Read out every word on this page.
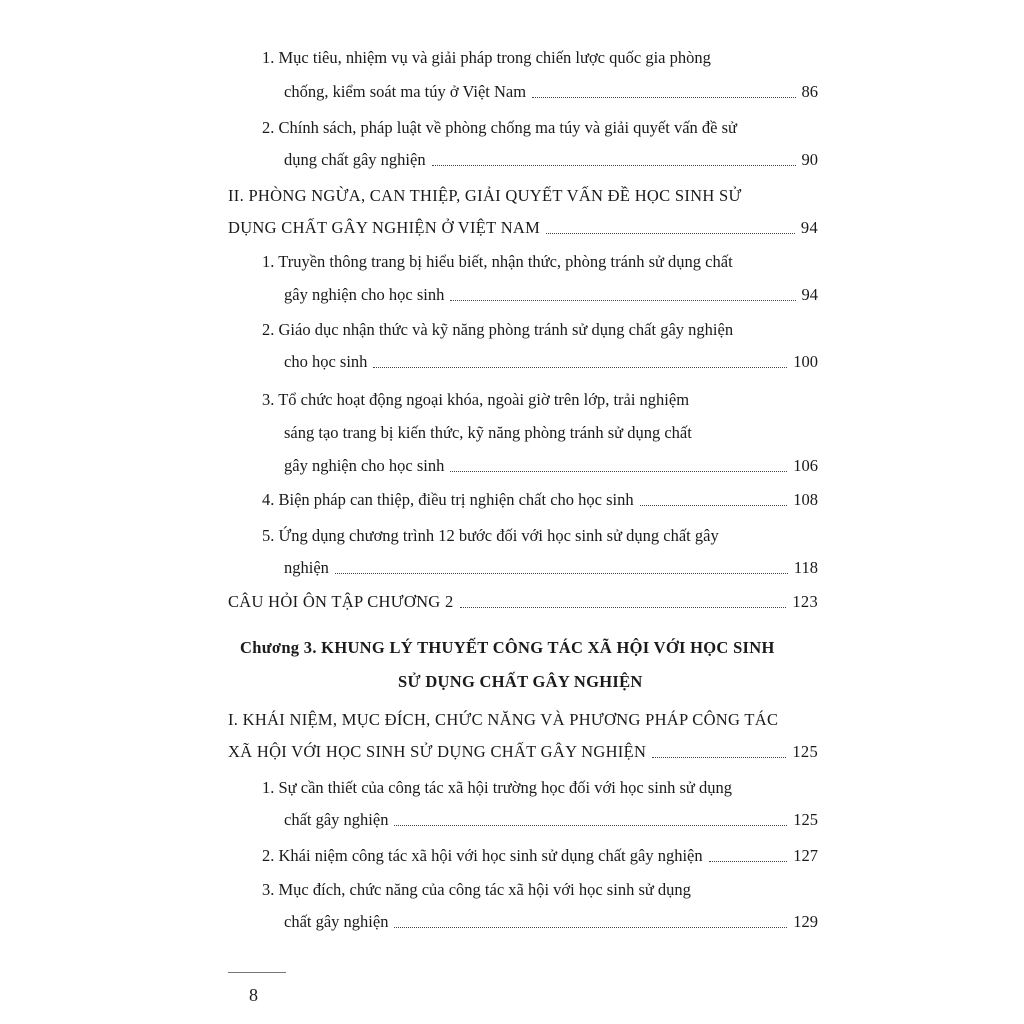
1. Mục tiêu, nhiệm vụ và giải pháp trong chiến lược quốc gia phòng
chống, kiểm soát ma túy ở Việt Nam	86
2. Chính sách, pháp luật về phòng chống ma túy và giải quyết vấn đề sử
dụng chất gây nghiện	90
II. PHÒNG NGỪA, CAN THIỆP, GIẢI QUYẾT VẤN ĐỀ HỌC SINH SỬ
DỤNG CHẤT GÂY NGHIỆN Ở VIỆT NAM	94
1. Truyền thông trang bị hiểu biết, nhận thức, phòng tránh sử dụng chất
gây nghiện cho học sinh	94
2. Giáo dục nhận thức và kỹ năng phòng tránh sử dụng chất gây nghiện
cho học sinh	100
3. Tổ chức hoạt động ngoại khóa, ngoài giờ trên lớp, trải nghiệm
sáng tạo trang bị kiến thức, kỹ năng phòng tránh sử dụng chất
gây nghiện cho học sinh	106
4. Biện pháp can thiệp, điều trị nghiện chất cho học sinh	108
5. Ứng dụng chương trình 12 bước đối với học sinh sử dụng chất gây
nghiện	118
CÂU HỎI ÔN TẬP CHƯƠNG 2	123
Chương 3. KHUNG LÝ THUYẾT CÔNG TÁC XÃ HỘI VỚI HỌC SINH
SỬ DỤNG CHẤT GÂY NGHIỆN
I. KHÁI NIỆM, MỤC ĐÍCH, CHỨC NĂNG VÀ PHƯƠNG PHÁP CÔNG TÁC
XÃ HỘI VỚI HỌC SINH SỬ DỤNG CHẤT GÂY NGHIỆN	125
1. Sự cần thiết của công tác xã hội trường học đối với học sinh sử dụng
chất gây nghiện	125
2. Khái niệm công tác xã hội với học sinh sử dụng chất gây nghiện	127
3. Mục đích, chức năng của công tác xã hội với học sinh sử dụng
chất gây nghiện	129
8
